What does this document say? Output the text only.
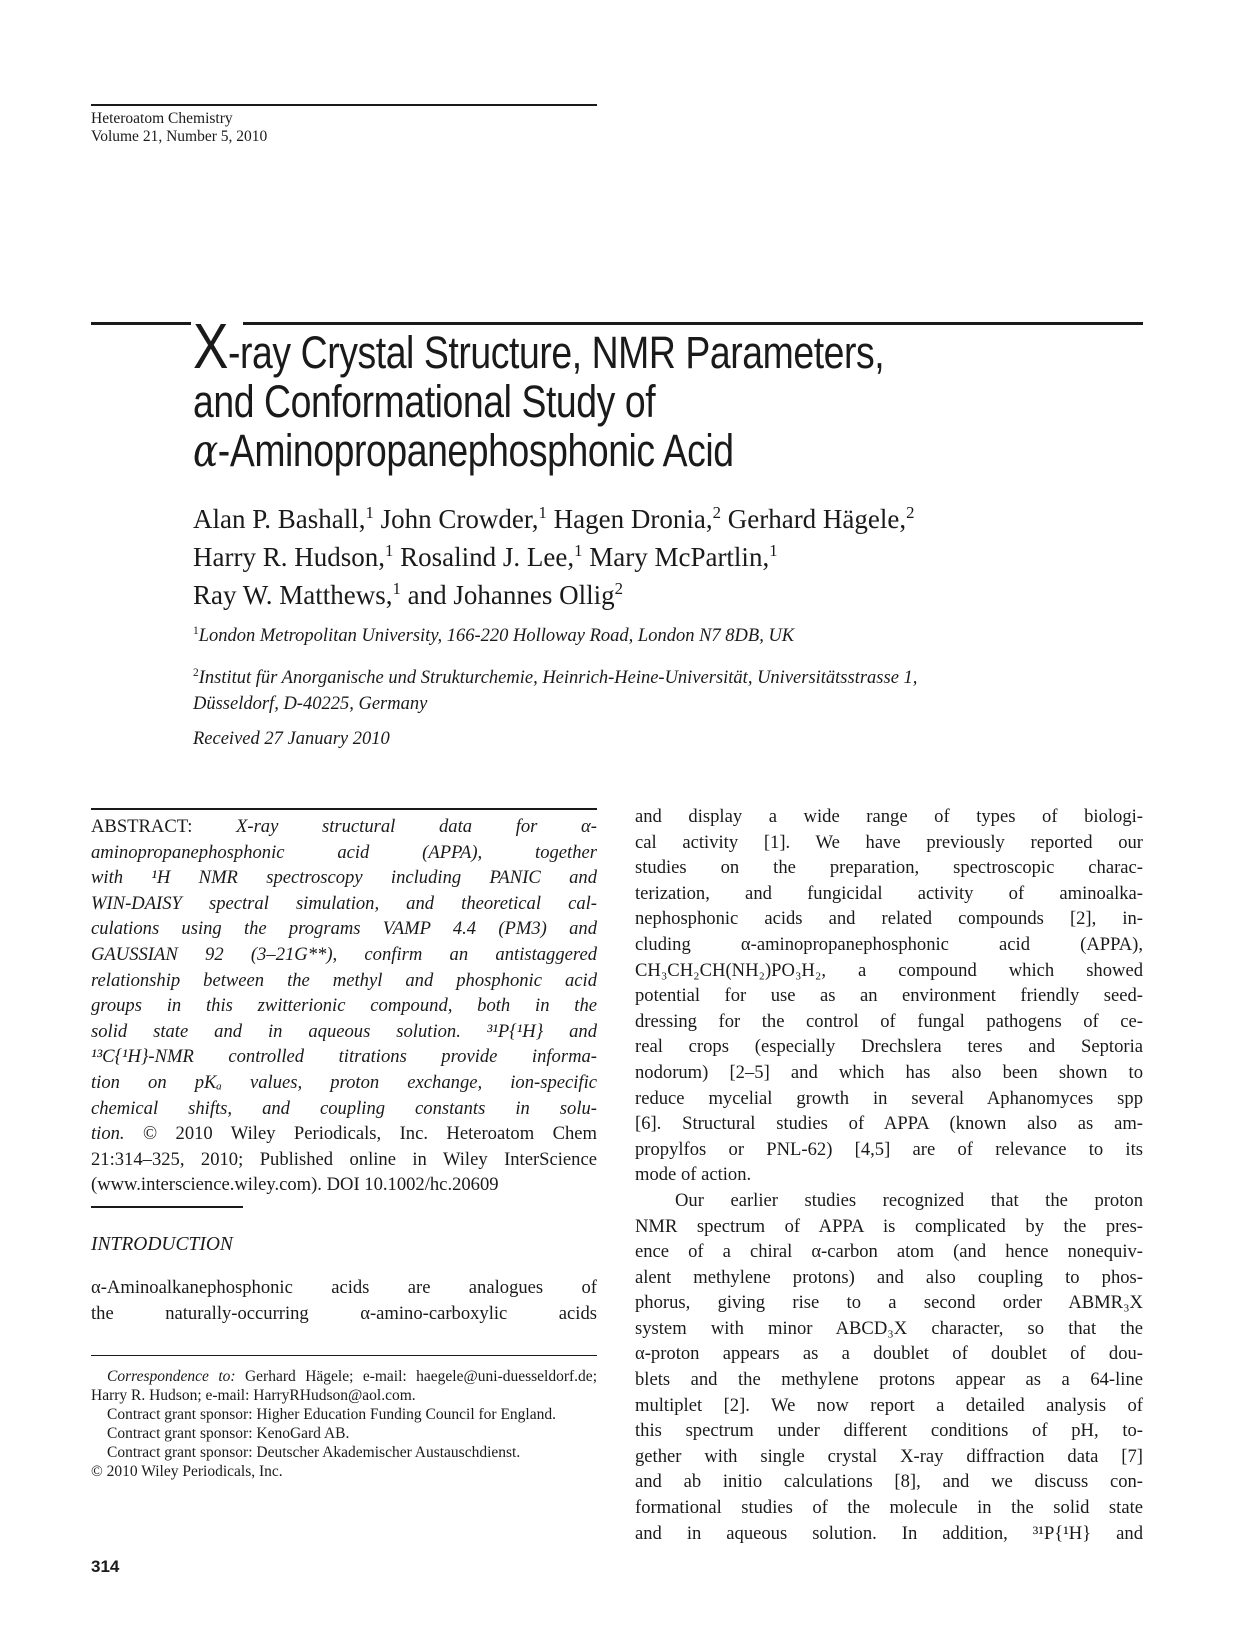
Heteroatom Chemistry
Volume 21, Number 5, 2010
X-ray Crystal Structure, NMR Parameters,
and Conformational Study of
α-Aminopropanephosphonic Acid
Alan P. Bashall,$^1$ John Crowder,$^1$ Hagen Dronia,$^2$ Gerhard Hägele,$^2$
Harry R. Hudson,$^1$ Rosalind J. Lee,$^1$ Mary McPartlin,$^1$
Ray W. Matthews,$^1$ and Johannes Ollig$^2$
$^1$London Metropolitan University, 166-220 Holloway Road, London N7 8DB, UK
$^2$Institut für Anorganische und Strukturchemie, Heinrich-Heine-Universität, Universitätsstrasse 1,
Düsseldorf, D-40225, Germany
Received 27 January 2010
ABSTRACT: X-ray structural data for α-
aminopropanephosphonic acid (APPA), together
with ¹H NMR spectroscopy including PANIC and
WIN-DAISY spectral simulation, and theoretical cal-
culations using the programs VAMP 4.4 (PM3) and
GAUSSIAN 92 (3–21G**), confirm an antistaggered
relationship between the methyl and phosphonic acid
groups in this zwitterionic compound, both in the
solid state and in aqueous solution. ³¹P{¹H} and
¹³C{¹H}-NMR controlled titrations provide informa-
tion on pKₐ values, proton exchange, ion-specific
chemical shifts, and coupling constants in solu-
tion. © 2010 Wiley Periodicals, Inc. Heteroatom Chem
21:314–325, 2010; Published online in Wiley InterScience
(www.interscience.wiley.com). DOI 10.1002/hc.20609
INTRODUCTION
α-Aminoalkanephosphonic acids are analogues of
the naturally-occurring α-amino-carboxylic acids
Correspondence to: Gerhard Hägele; e-mail: haegele@uni-duesseldorf.de; Harry R. Hudson; e-mail: HarryRHudson@aol.com.
Contract grant sponsor: Higher Education Funding Council for England.
Contract grant sponsor: KenoGard AB.
Contract grant sponsor: Deutscher Akademischer Austauschdienst.
© 2010 Wiley Periodicals, Inc.
and display a wide range of types of biologi-
cal activity [1]. We have previously reported our
studies on the preparation, spectroscopic charac-
terization, and fungicidal activity of aminoalka-
nephosphonic acids and related compounds [2], in-
cluding α-aminopropanephosphonic acid (APPA),
CH₃CH₂CH(NH₂)PO₃H₂, a compound which showed
potential for use as an environment friendly seed-
dressing for the control of fungal pathogens of ce-
real crops (especially Drechslera teres and Septoria
nodorum) [2–5] and which has also been shown to
reduce mycelial growth in several Aphanomyces spp
[6]. Structural studies of APPA (known also as am-
propylfos or PNL-62) [4,5] are of relevance to its
mode of action.
Our earlier studies recognized that the proton
NMR spectrum of APPA is complicated by the pres-
ence of a chiral α-carbon atom (and hence nonequiv-
alent methylene protons) and also coupling to phos-
phorus, giving rise to a second order ABMR₃X
system with minor ABCD₃X character, so that the
α-proton appears as a doublet of doublet of dou-
blets and the methylene protons appear as a 64-line
multiplet [2]. We now report a detailed analysis of
this spectrum under different conditions of pH, to-
gether with single crystal X-ray diffraction data [7]
and ab initio calculations [8], and we discuss con-
formational studies of the molecule in the solid state
and in aqueous solution. In addition, ³¹P{¹H} and
314
